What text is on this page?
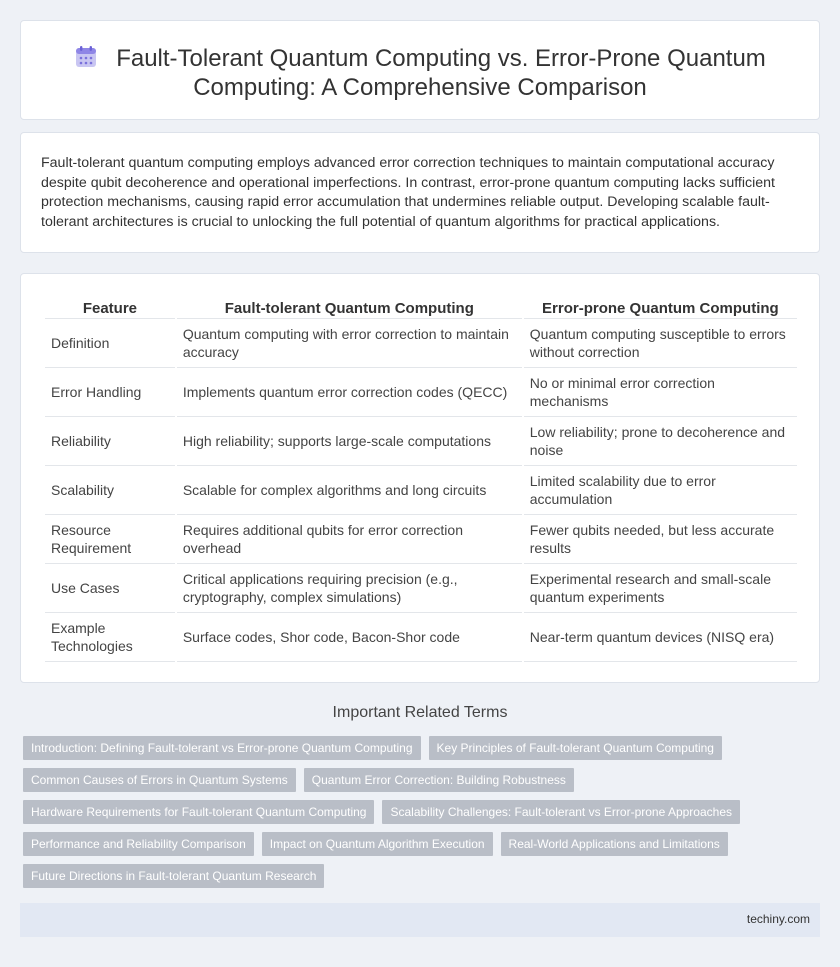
Fault-Tolerant Quantum Computing vs. Error-Prone Quantum Computing: A Comprehensive Comparison

Fault-tolerant quantum computing employs advanced error correction techniques to maintain computational accuracy despite qubit decoherence and operational imperfections. In contrast, error-prone quantum computing lacks sufficient protection mechanisms, causing rapid error accumulation that undermines reliable output. Developing scalable fault-tolerant architectures is crucial to unlocking the full potential of quantum algorithms for practical applications.

Feature	Fault-tolerant Quantum Computing	Error-prone Quantum Computing
Definition	Quantum computing with error correction to maintain accuracy	Quantum computing susceptible to errors without correction
Error Handling	Implements quantum error correction codes (QECC)	No or minimal error correction mechanisms
Reliability	High reliability; supports large-scale computations	Low reliability; prone to decoherence and noise
Scalability	Scalable for complex algorithms and long circuits	Limited scalability due to error accumulation
Resource Requirement	Requires additional qubits for error correction overhead	Fewer qubits needed, but less accurate results
Use Cases	Critical applications requiring precision (e.g., cryptography, complex simulations)	Experimental research and small-scale quantum experiments
Example Technologies	Surface codes, Shor code, Bacon-Shor code	Near-term quantum devices (NISQ era)
Important Related Terms
Introduction: Defining Fault-tolerant vs Error-prone Quantum Computing	Key Principles of Fault-tolerant Quantum Computing
Common Causes of Errors in Quantum Systems	Quantum Error Correction: Building Robustness
Hardware Requirements for Fault-tolerant Quantum Computing	Scalability Challenges: Fault-tolerant vs Error-prone Approaches
Performance and Reliability Comparison	Impact on Quantum Algorithm Execution	Real-World Applications and Limitations
Future Directions in Fault-tolerant Quantum Research
techiny.com
